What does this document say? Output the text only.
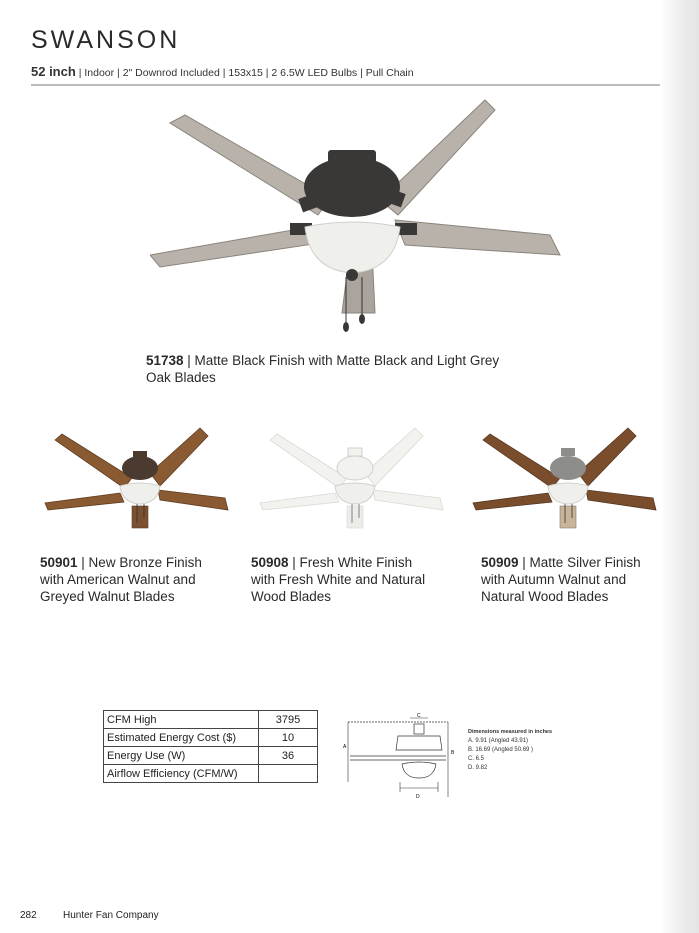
SWANSON
52 inch | Indoor | 2" Downrod Included | 153x15 | 2 6.5W LED Bulbs | Pull Chain
51738 | Matte Black Finish with Matte Black and Light Grey
Oak Blades
50901 | New Bronze Finish
with American Walnut and
Greyed Walnut Blades
50908 | Fresh White Finish
with Fresh White and Natural
Wood Blades
50909 | Matte Silver Finish
with Autumn Walnut and
Natural Wood Blades
CFM High	3795
Estimated Energy Cost ($)	10
Energy Use (W)	36
Airflow Efficiency (CFM/W)	
C
A
B
D
Dimensions measured in inches
A. 9.91 (Angled 43.91)
B. 16.69 (Angled 50.69 )
C. 6.5
D. 9.82
282	Hunter Fan Company
